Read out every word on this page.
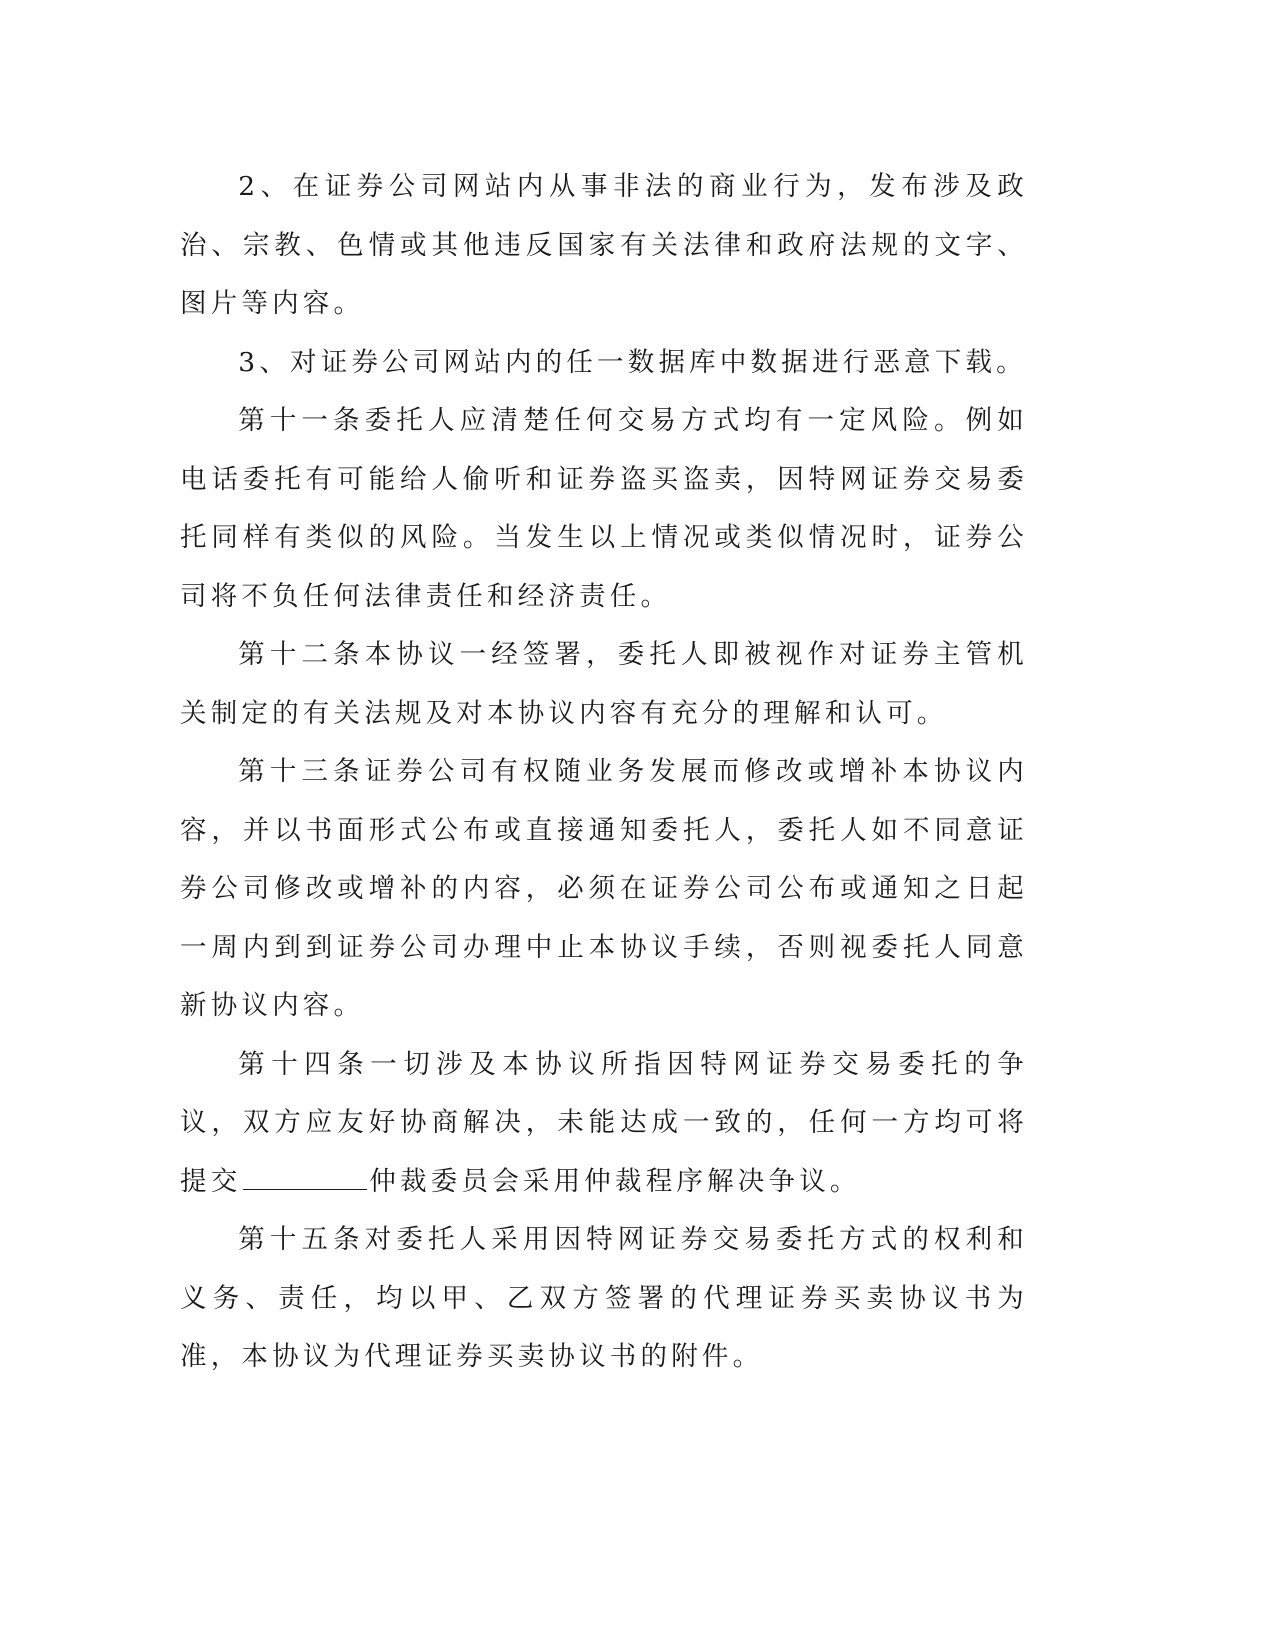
2、在证券公司网站内从事非法的商业行为，发布涉及政治、宗教、色情或其他违反国家有关法律和政府法规的文字、图片等内容。

3、对证券公司网站内的任一数据库中数据进行恶意下载。

第十一条委托人应清楚任何交易方式均有一定风险。例如电话委托有可能给人偷听和证券盗买盗卖，因特网证券交易委托同样有类似的风险。当发生以上情况或类似情况时，证券公司将不负任何法律责任和经济责任。

第十二条本协议一经签署，委托人即被视作对证券主管机关制定的有关法规及对本协议内容有充分的理解和认可。

第十三条证券公司有权随业务发展而修改或增补本协议内容，并以书面形式公布或直接通知委托人，委托人如不同意证券公司修改或增补的内容，必须在证券公司公布或通知之日起一周内到到证券公司办理中止本协议手续，否则视委托人同意新协议内容。

第十四条一切涉及本协议所指因特网证券交易委托的争议，双方应友好协商解决，未能达成一致的，任何一方均可将提交	仲裁委员会采用仲裁程序解决争议。

第十五条对委托人采用因特网证券交易委托方式的权利和义务、责任，均以甲、乙双方签署的代理证券买卖协议书为准，本协议为代理证券买卖协议书的附件。
